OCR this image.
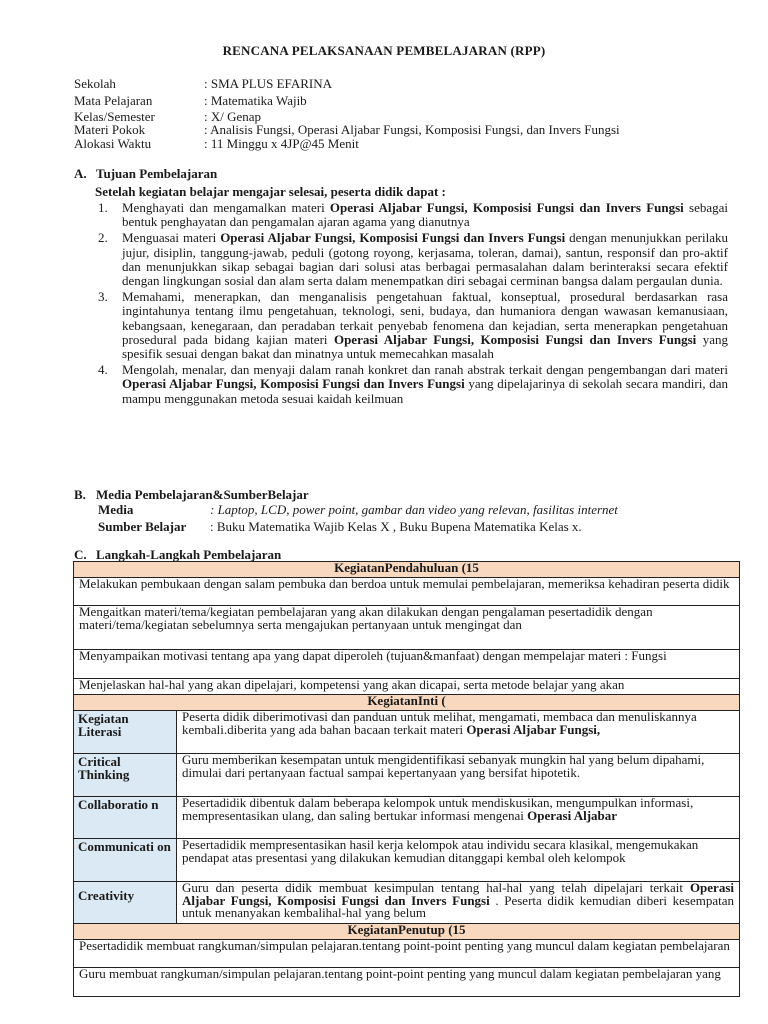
RENCANA PELAKSANAAN PEMBELAJARAN (RPP)
Sekolah	: SMA PLUS EFARINA
Mata Pelajaran	: Matematika Wajib
Kelas/Semester	: X/ Genap
Materi Pokok	: Analisis Fungsi, Operasi Aljabar Fungsi, Komposisi Fungsi, dan Invers Fungsi
Alokasi Waktu	: 11 Minggu x 4JP@45 Menit
A. Tujuan Pembelajaran
Setelah kegiatan belajar mengajar selesai, peserta didik dapat :
1. Menghayati dan mengamalkan materi Operasi Aljabar Fungsi, Komposisi Fungsi dan Invers Fungsi sebagai bentuk penghayatan dan pengamalan ajaran agama yang dianutnya
2. Menguasai materi Operasi Aljabar Fungsi, Komposisi Fungsi dan Invers Fungsi dengan menunjukkan perilaku jujur, disiplin, tanggung-jawab, peduli (gotong royong, kerjasama, toleran, damai), santun, responsif dan pro-aktif dan menunjukkan sikap sebagai bagian dari solusi atas berbagai permasalahan dalam berinteraksi secara efektif dengan lingkungan sosial dan alam serta dalam menempatkan diri sebagai cerminan bangsa dalam pergaulan dunia.
3. Memahami, menerapkan, dan menganalisis pengetahuan faktual, konseptual, prosedural berdasarkan rasa ingintahunya tentang ilmu pengetahuan, teknologi, seni, budaya, dan humaniora dengan wawasan kemanusiaan, kebangsaan, kenegaraan, dan peradaban terkait penyebab fenomena dan kejadian, serta menerapkan pengetahuan prosedural pada bidang kajian materi Operasi Aljabar Fungsi, Komposisi Fungsi dan Invers Fungsi yang spesifik sesuai dengan bakat dan minatnya untuk memecahkan masalah
4. Mengolah, menalar, dan menyaji dalam ranah konkret dan ranah abstrak terkait dengan pengembangan dari materi Operasi Aljabar Fungsi, Komposisi Fungsi dan Invers Fungsi yang dipelajarinya di sekolah secara mandiri, dan mampu menggunakan metoda sesuai kaidah keilmuan
B. Media Pembelajaran&SumberBelajar
Media	: Laptop, LCD, power point, gambar dan video yang relevan, fasilitas internet
Sumber Belajar	: Buku Matematika Wajib Kelas X , Buku Bupena Matematika Kelas x.
C. Langkah-Langkah Pembelajaran
KegiatanPendahuluan (15	

Melakukan pembukaan dengan salam pembuka dan berdoa untuk memulai pembelajaran, memeriksa kehadiran peserta didik	

Mengaitkan materi/tema/kegiatan pembelajaran yang akan dilakukan dengan pengalaman pesertadidik dengan
materi/tema/kegiatan sebelumnya serta mengajukan pertanyaan untuk mengingat dan	

Menyampaikan motivasi tentang apa yang dapat diperoleh (tujuan&manfaat) dengan mempelajar materi : Fungsi	

Menjelaskan hal-hal yang akan dipelajari, kompetensi yang akan dicapai, serta metode belajar yang akan	

KegiatanInti (	
Kegiatan Literasi	Peserta didik diberimotivasi dan panduan untuk melihat, mengamati, membaca dan menuliskannya
kembali.diberita yang ada bahan bacaan terkait materi Operasi Aljabar Fungsi,

Critical Thinking	Guru memberikan kesempatan untuk mengidentifikasi sebanyak mungkin hal yang belum dipahami,
dimulai dari pertanyaan factual sampai kepertanyaan yang bersifat hipotetik.

Collaboratio n	Pesertadidik dibentuk dalam beberapa kelompok untuk mendiskusikan, mengumpulkan informasi,
mempresentasikan ulang, dan saling bertukar informasi mengenai Operasi Aljabar

Communicati on	Pesertadidik mempresentasikan hasil kerja kelompok atau individu secara klasikal, mengemukakan
pendapat atas presentasi yang dilakukan kemudian ditanggapi kembal oleh kelompok

Creativity	Guru dan peserta didik membuat kesimpulan tentang hal-hal yang telah dipelajari terkait Operasi Aljabar Fungsi, Komposisi Fungsi dan Invers Fungsi . Peserta didik kemudian diberi kesempatan untuk menanyakan kembalihal-hal yang belum

KegiatanPenutup (15	

Pesertadidik membuat rangkuman/simpulan pelajaran.tentang point-point penting yang muncul dalam kegiatan pembelajaran	

Guru membuat rangkuman/simpulan pelajaran.tentang point-point penting yang muncul dalam kegiatan pembelajaran yang	
